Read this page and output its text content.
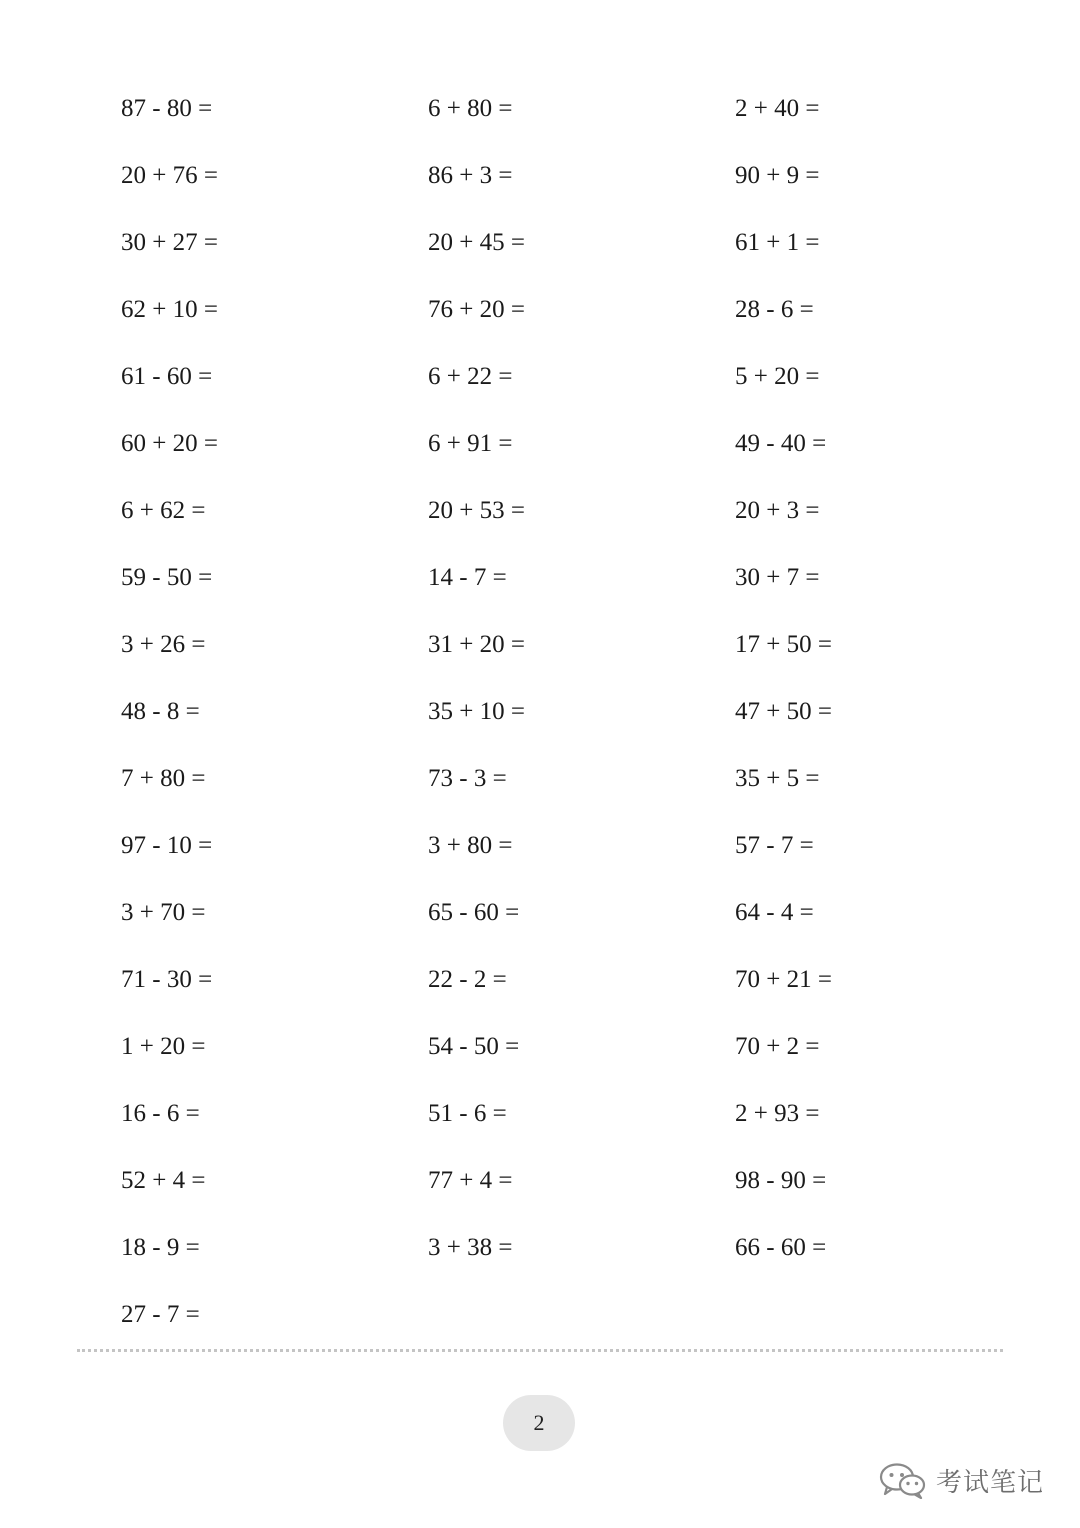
87 - 80 =
20 + 76 =
30 + 27 =
62 + 10 =
61 - 60 =
60 + 20 =
6 + 62 =
59 - 50 =
3 + 26 =
48 - 8 =
7 + 80 =
97 - 10 =
3 + 70 =
71 - 30 =
1 + 20 =
16 - 6 =
52 + 4 =
18 - 9 =
27 - 7 =
6 + 80 =
86 + 3 =
20 + 45 =
76 + 20 =
6 + 22 =
6 + 91 =
20 + 53 =
14 - 7 =
31 + 20 =
35 + 10 =
73 - 3 =
3 + 80 =
65 - 60 =
22 - 2 =
54 - 50 =
51 - 6 =
77 + 4 =
3 + 38 =
2 + 40 =
90 + 9 =
61 + 1 =
28 - 6 =
5 + 20 =
49 - 40 =
20 + 3 =
30 + 7 =
17 + 50 =
47 + 50 =
35 + 5 =
57 - 7 =
64 - 4 =
70 + 21 =
70 + 2 =
2 + 93 =
98 - 90 =
66 - 60 =
2
考试笔记
